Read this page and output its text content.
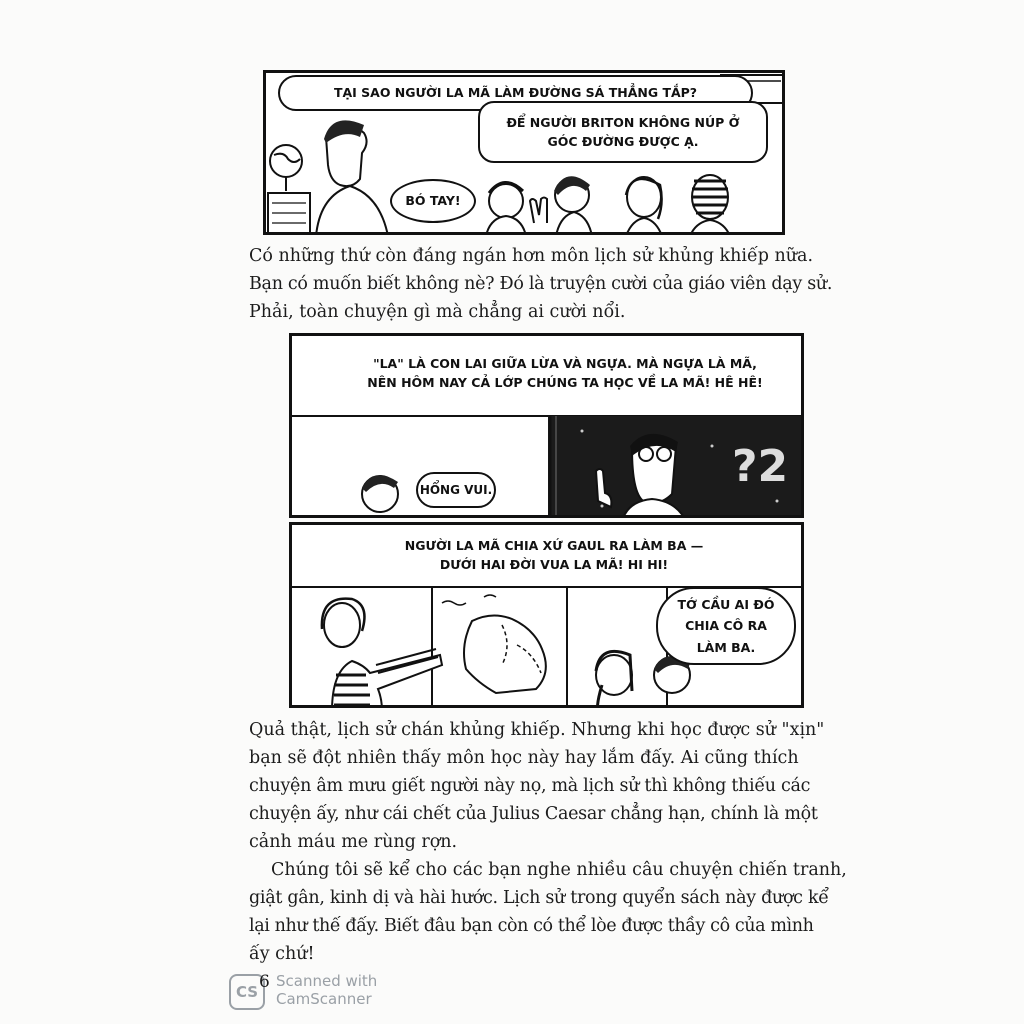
TẠI SAO NGƯỜI LA MÃ LÀM ĐƯỜNG SÁ THẲNG TẮP?
ĐỂ NGƯỜI BRITON KHÔNG NÚP Ở
GÓC ĐƯỜNG ĐƯỢC Ạ.
BÓ TAY!
Có những thứ còn đáng ngán hơn môn lịch sử khủng khiếp nữa.
Bạn có muốn biết không nè? Đó là truyện cười của giáo viên dạy sử.
Phải, toàn chuyện gì mà chẳng ai cười nổi.
?2
"LA" LÀ CON LAI GIỮA LỪA VÀ NGỰA. MÀ NGỰA LÀ MÃ,
NÊN HÔM NAY CẢ LỚP CHÚNG TA HỌC VỀ LA MÃ! HÊ HÊ!
HỔNG VUI.
NGƯỜI LA MÃ CHIA XỨ GAUL RA LÀM BA —
DƯỚI HAI ĐỜI VUA LA MÃ! HI HI!
TỚ CẦU AI ĐÓ
CHIA CÔ RA
LÀM BA.
Quả thật, lịch sử chán khủng khiếp. Nhưng khi học được sử "xịn"
bạn sẽ đột nhiên thấy môn học này hay lắm đấy. Ai cũng thích
chuyện âm mưu giết người này nọ, mà lịch sử thì không thiếu các
chuyện ấy, như cái chết của Julius Caesar chẳng hạn, chính là một
cảnh máu me rùng rợn.
Chúng tôi sẽ kể cho các bạn nghe nhiều câu chuyện chiến tranh,
giật gân, kinh dị và hài hước. Lịch sử trong quyển sách này được kể
lại như thế đấy. Biết đâu bạn còn có thể lòe được thầy cô của mình
ấy chứ!
CS 6 Scanned with
CamScanner
